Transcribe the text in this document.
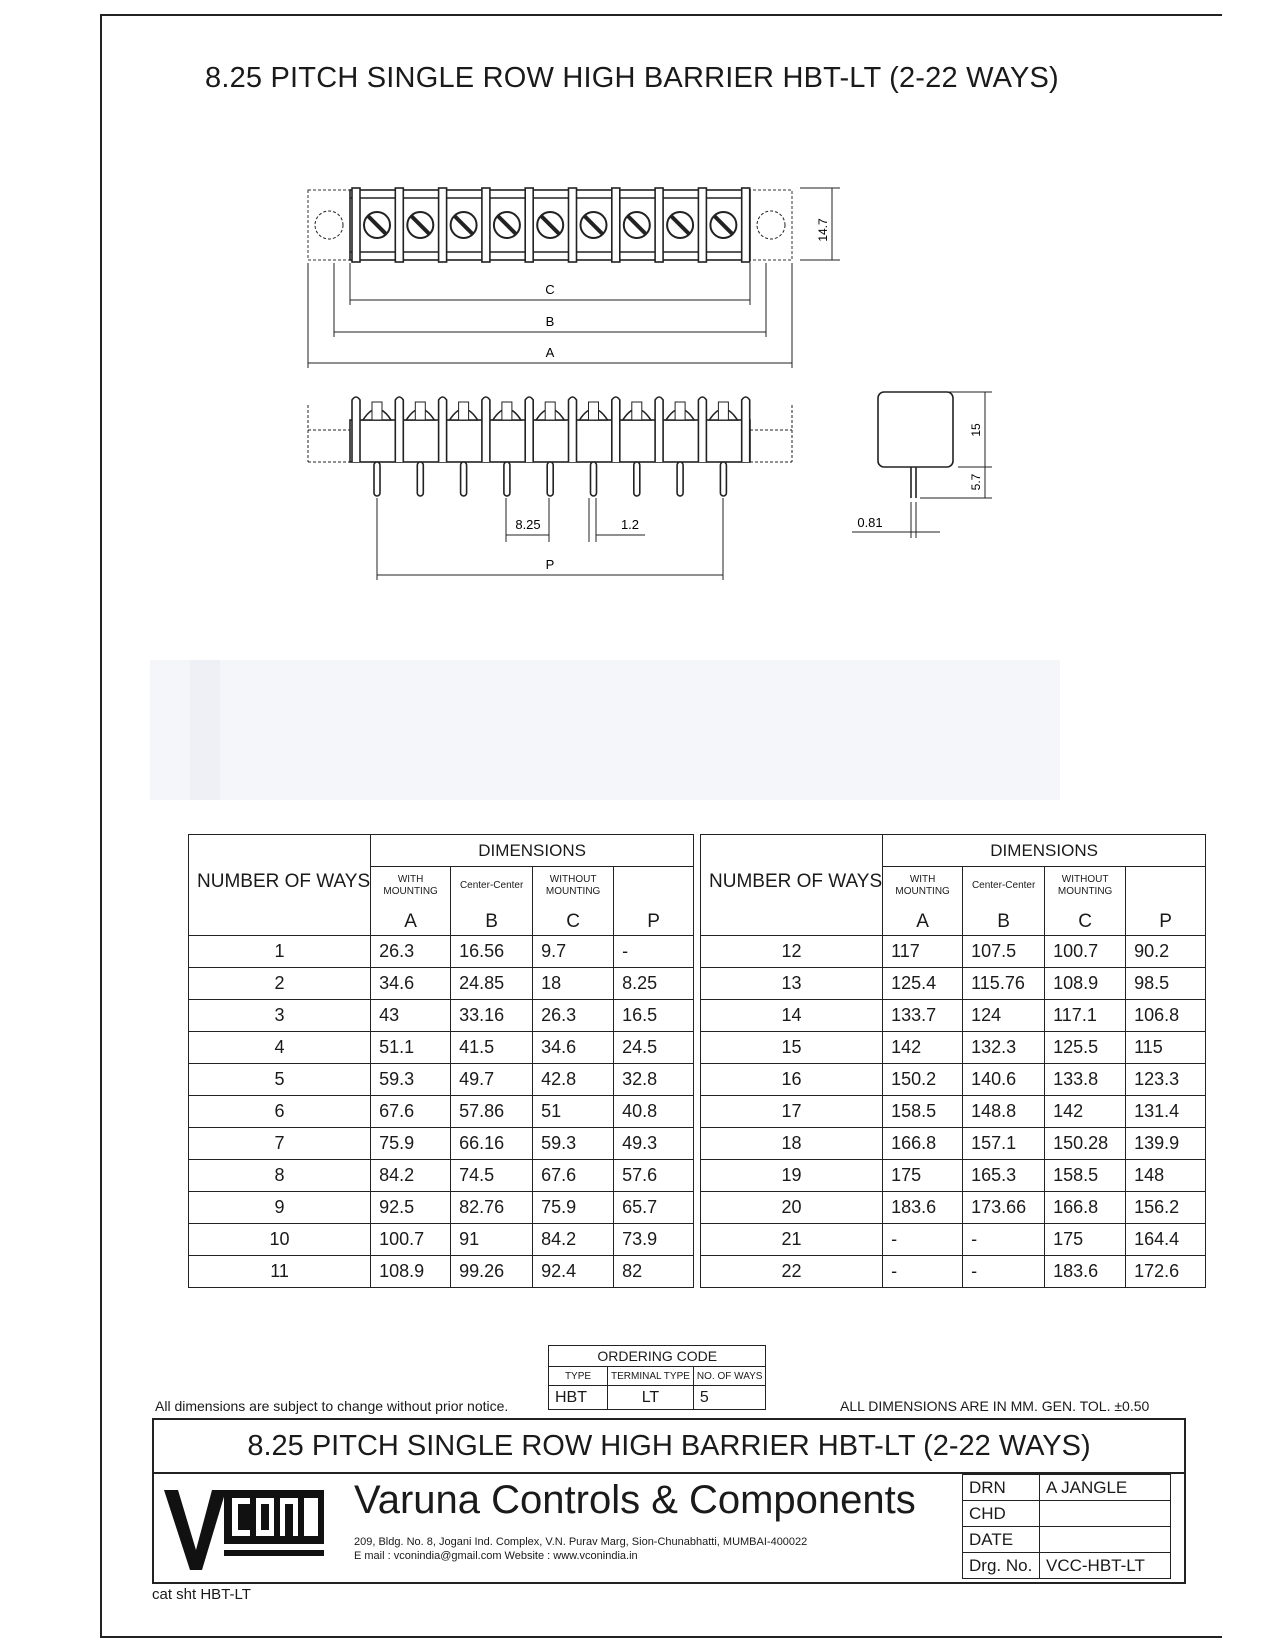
8.25 PITCH SINGLE ROW HIGH BARRIER HBT-LT (2-22 WAYS)
14.7
C
B
A
8.25	1.2
P
0.81
15
5.7
NUMBER OF WAYS	DIMENSIONS			
	WITH MOUNTING	Center-Center	WITHOUT MOUNTING	
	A	B	C	P
1	26.3	16.56	9.7	-
2	34.6	24.85	18	8.25
3	43	33.16	26.3	16.5
4	51.1	41.5	34.6	24.5
5	59.3	49.7	42.8	32.8
6	67.6	57.86	51	40.8
7	75.9	66.16	59.3	49.3
8	84.2	74.5	67.6	57.6
9	92.5	82.76	75.9	65.7
10	100.7	91	84.2	73.9
11	108.9	99.26	92.4	82
NUMBER OF WAYS	DIMENSIONS			
	WITH MOUNTING	Center-Center	WITHOUT MOUNTING	
	A	B	C	P
12	117	107.5	100.7	90.2
13	125.4	115.76	108.9	98.5
14	133.7	124	117.1	106.8
15	142	132.3	125.5	115
16	150.2	140.6	133.8	123.3
17	158.5	148.8	142	131.4
18	166.8	157.1	150.28	139.9
19	175	165.3	158.5	148
20	183.6	173.66	166.8	156.2
21	-	-	175	164.4
22	-	-	183.6	172.6
ORDERING CODE		
TYPE	TERMINAL TYPE	NO. OF WAYS
HBT	LT	5
All dimensions are subject to change without prior notice.	ALL DIMENSIONS ARE IN MM. GEN. TOL. ±0.50
8.25 PITCH SINGLE ROW HIGH BARRIER HBT-LT (2-22 WAYS)
Varuna Controls & Components
209, Bldg. No. 8, Jogani Ind. Complex, V.N. Purav Marg, Sion-Chunabhatti, MUMBAI-400022
E mail : vconindia@gmail.com Website : www.vconindia.in
DRN	A JANGLE
CHD	
DATE	
Drg. No.	VCC-HBT-LT
cat sht HBT-LT
